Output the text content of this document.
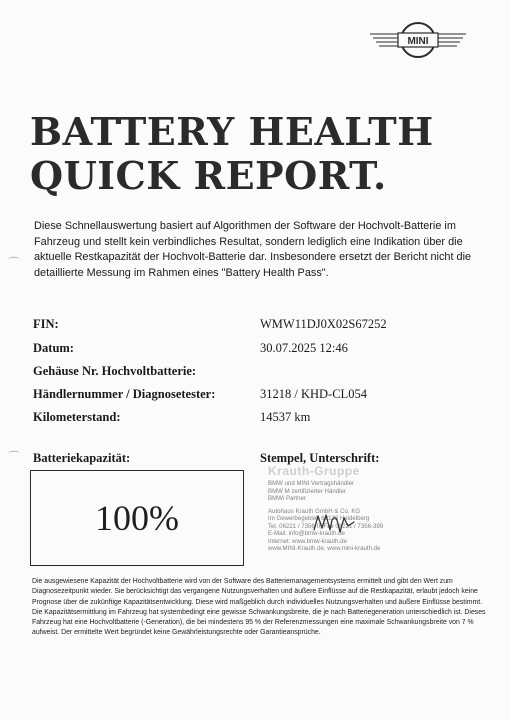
MINI
⌒
⌒
BATTERY HEALTH
QUICK REPORT.

Diese Schnellauswertung basiert auf Algorithmen der Software der Hochvolt-Batterie im Fahrzeug und stellt kein verbindliches Resultat, sondern lediglich eine Indikation über die aktuelle Restkapazität der Hochvolt-Batterie dar. Insbesondere ersetzt der Bericht nicht die detaillierte Messung im Rahmen eines "Battery Health Pass".

FIN:	WMW11DJ0X02S67252
Datum:	30.07.2025 12:46
Gehäuse Nr. Hochvoltbatterie:
Händlernummer / Diagnosetester:	31218 / KHD-CL054
Kilometerstand:	14537 km
Batteriekapazität:	Stempel, Unterschrift:
100%
Krauth-Gruppe
BMW und MINI Vertragshändler
BMW M zertifizierter Händler
BMWi Partner
Autohaus Krauth GmbH & Co. KG
Im Gewerbegebiet, 69123 Heidelberg
Tel. 06221 / 7356-0, Fax 06221 / 7356-399
E-Mail: info@bmw-krauth.de
Internet: www.bmw-krauth.de
www.MINI-Krauth.de, www.mini-krauth.de

Die ausgewiesene Kapazität der Hochvoltbatterie wird von der Software des Batteriemanagementsystems ermittelt und gibt den Wert zum Diagnosezeitpunkt wieder. Sie berücksichtigt das vergangene Nutzungsverhalten und äußere Einflüsse auf die Restkapazität, erlaubt jedoch keine Prognose über die zukünftige Kapazitätsentwicklung. Diese wird maßgeblich durch individuelles Nutzungsverhalten und äußere Einflüsse bestimmt. Die Kapazitätsermittlung im Fahrzeug hat systembedingt eine gewisse Schwankungsbreite, die je nach Batteriegeneration unterschiedlich ist. Dieses Fahrzeug hat eine Hochvoltbatterie (-Generation), die bei mindestens 95 % der Referenzmessungen eine maximale Schwankungsbreite von 7 % aufweist. Der ermittelte Wert begründet keine Gewährleistungsrechte oder Garantieansprüche.
